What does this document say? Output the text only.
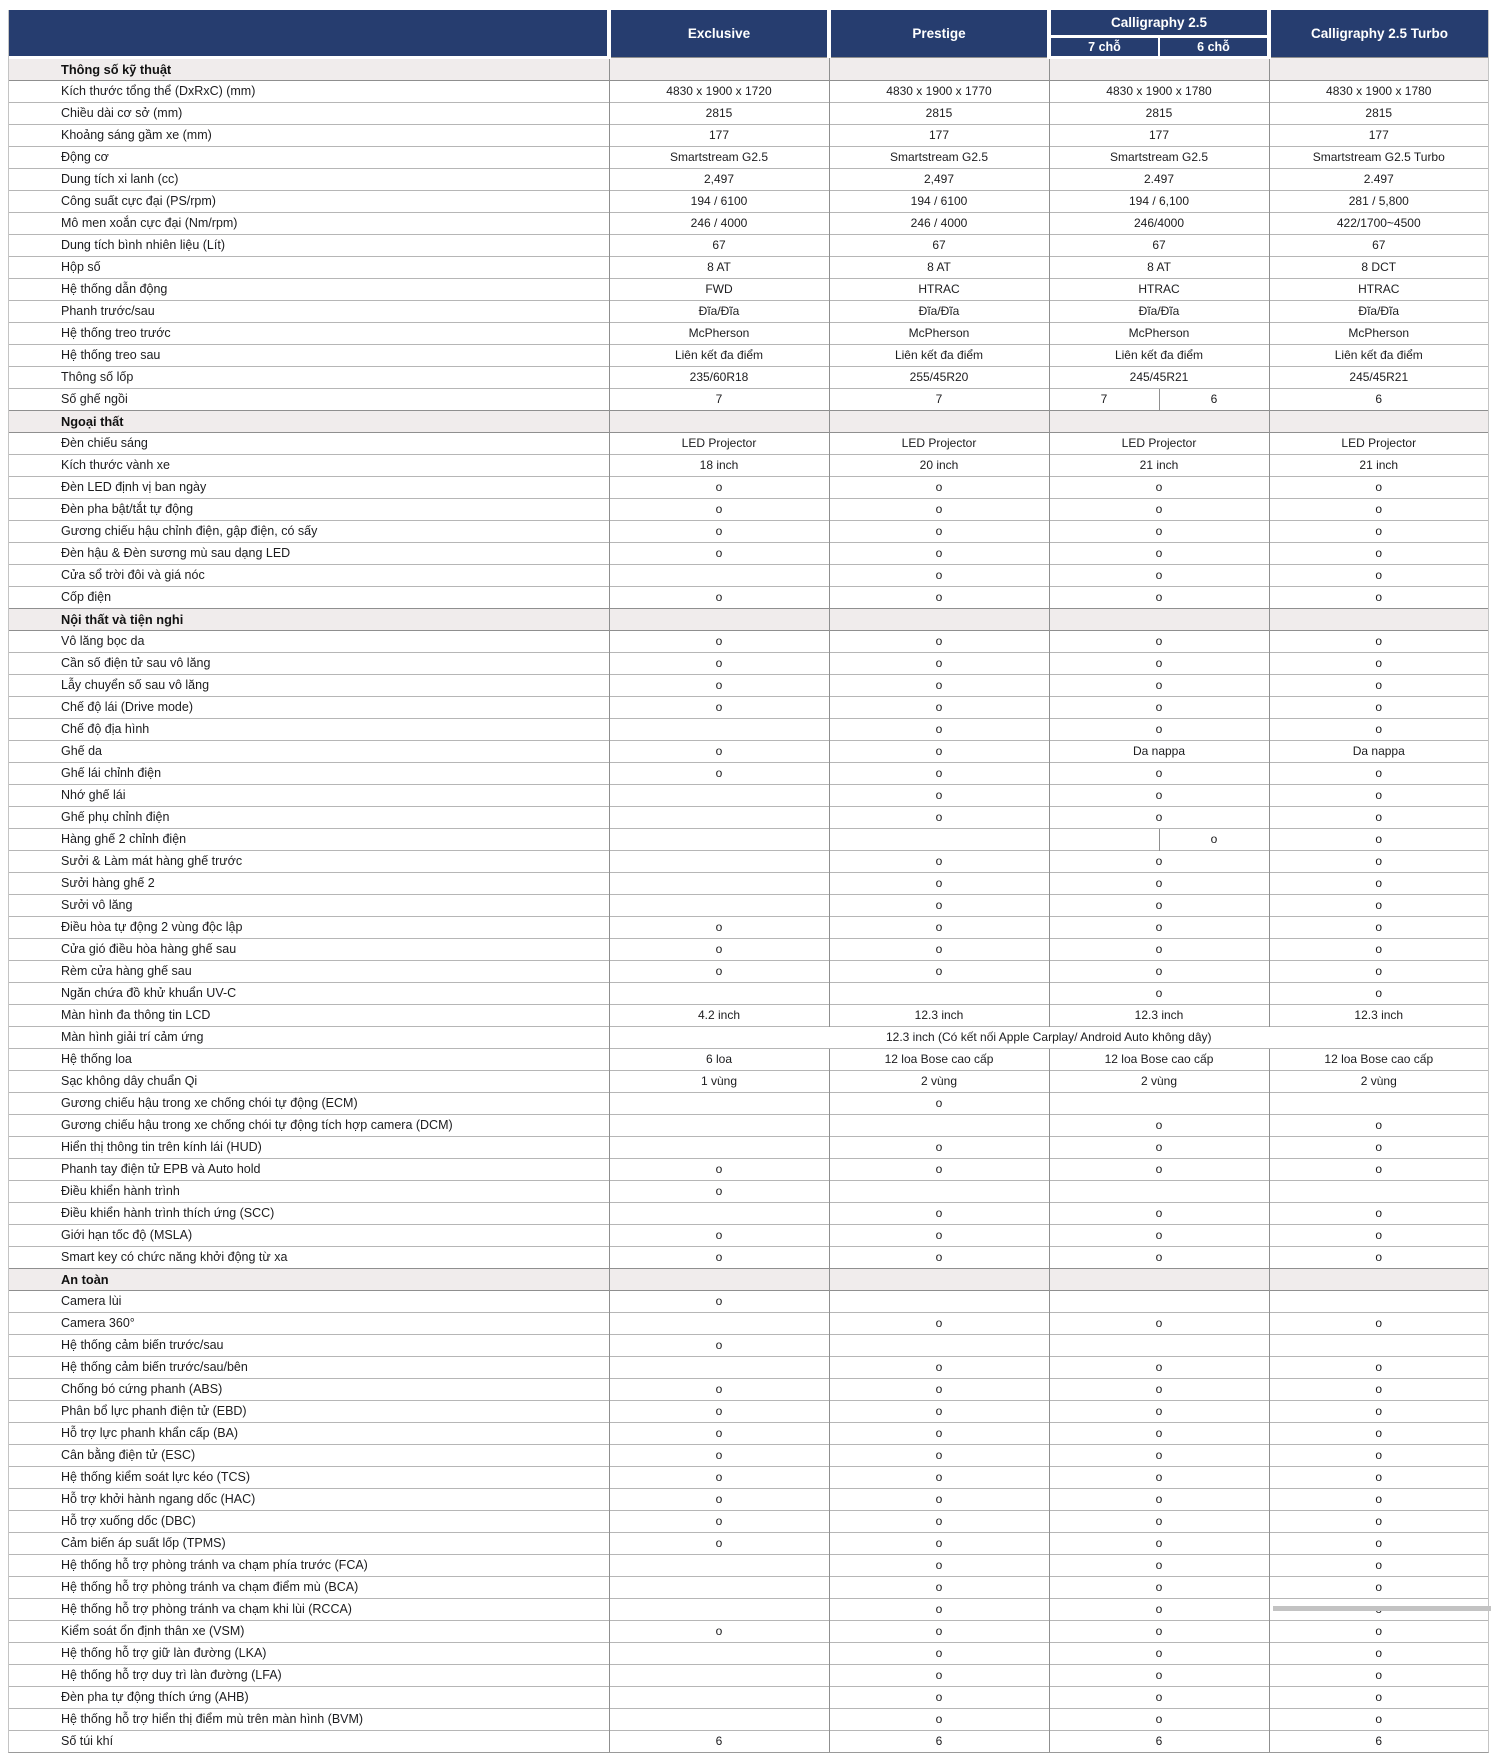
	Exclusive	Prestige	Calligraphy 2.5		Calligraphy 2.5 Turbo
			7 chỗ	6 chỗ	
Thông số kỹ thuật					
Kích thước tổng thể (DxRxC) (mm)	4830 x 1900 x 1720	4830 x 1900 x 1770	4830 x 1900 x 1780		4830 x 1900 x 1780
Chiều dài cơ sở (mm)	2815	2815	2815		2815
Khoảng sáng gầm xe (mm)	177	177	177		177
Động cơ	Smartstream G2.5	Smartstream G2.5	Smartstream G2.5		Smartstream G2.5 Turbo
Dung tích xi lanh (cc)	2,497	2,497	2.497		2.497
Công suất cực đại (PS/rpm)	194 / 6100	194 / 6100	194 / 6,100		281 / 5,800
Mô men xoắn cực đại (Nm/rpm)	246 / 4000	246 / 4000	246/4000		422/1700~4500
Dung tích bình nhiên liệu (Lít)	67	67	67		67
Hộp số	8 AT	8 AT	8 AT		8 DCT
Hệ thống dẫn động	FWD	HTRAC	HTRAC		HTRAC
Phanh trước/sau	Đĩa/Đĩa	Đĩa/Đĩa	Đĩa/Đĩa		Đĩa/Đĩa
Hệ thống treo trước	McPherson	McPherson	McPherson		McPherson
Hệ thống treo sau	Liên kết đa điểm	Liên kết đa điểm	Liên kết đa điểm		Liên kết đa điểm
Thông số lốp	235/60R18	255/45R20	245/45R21		245/45R21
Số ghế ngồi	7	7	7	6	6
Ngoại thất					
Đèn chiếu sáng	LED Projector	LED Projector	LED Projector		LED Projector
Kích thước vành xe	18 inch	20 inch	21 inch		21 inch
Đèn LED định vị ban ngày	o	o	o		o
Đèn pha bật/tắt tự động	o	o	o		o
Gương chiếu hậu chỉnh điện, gập điện, có sấy	o	o	o		o
Đèn hậu & Đèn sương mù sau dạng LED	o	o	o		o
Cửa sổ trời đôi và giá nóc		o	o		o
Cốp điện	o	o	o		o
Nội thất và tiện nghi					
Vô lăng bọc da	o	o	o		o
Cần số điện tử sau vô lăng	o	o	o		o
Lẫy chuyển số sau vô lăng	o	o	o		o
Chế độ lái (Drive mode)	o	o	o		o
Chế độ địa hình		o	o		o
Ghế da	o	o	Da nappa		Da nappa
Ghế lái chỉnh điện	o	o	o		o
Nhớ ghế lái		o	o		o
Ghế phụ chỉnh điện		o	o		o
Hàng ghế 2 chỉnh điện				o	o
Sưởi & Làm mát hàng ghế trước		o	o		o
Sưởi hàng ghế 2		o	o		o
Sưởi vô lăng		o	o		o
Điều hòa tự động 2 vùng độc lập	o	o	o		o
Cửa gió điều hòa hàng ghế sau	o	o	o		o
Rèm cửa hàng ghế sau	o	o	o		o
Ngăn chứa đồ khử khuẩn UV-C			o		o
Màn hình đa thông tin LCD	4.2 inch	12.3 inch	12.3 inch		12.3 inch
Màn hình giải trí cảm ứng	12.3 inch (Có kết nối Apple Carplay/ Android Auto không dây)				
Hệ thống loa	6 loa	12 loa Bose cao cấp	12 loa Bose cao cấp		12 loa Bose cao cấp
Sạc không dây chuẩn Qi	1 vùng	2 vùng	2 vùng		2 vùng
Gương chiếu hậu trong xe chống chói tự động (ECM)		o			
Gương chiếu hậu trong xe chống chói tự động tích hợp camera (DCM)			o		o
Hiển thị thông tin trên kính lái (HUD)		o	o		o
Phanh tay điện tử EPB và Auto hold	o	o	o		o
Điều khiển hành trình	o				
Điều khiển hành trình thích ứng (SCC)		o	o		o
Giới hạn tốc độ (MSLA)	o	o	o		o
Smart key có chức năng khởi động từ xa	o	o	o		o
An toàn					
Camera lùi	o				
Camera 360°		o	o		o
Hệ thống cảm biến trước/sau	o				
Hệ thống cảm biến trước/sau/bên		o	o		o
Chống bó cứng phanh (ABS)	o	o	o		o
Phân bổ lực phanh điện tử (EBD)	o	o	o		o
Hỗ trợ lực phanh khẩn cấp (BA)	o	o	o		o
Cân bằng điện tử (ESC)	o	o	o		o
Hệ thống kiểm soát lực kéo (TCS)	o	o	o		o
Hỗ trợ khởi hành ngang dốc (HAC)	o	o	o		o
Hỗ trợ xuống dốc (DBC)	o	o	o		o
Cảm biến áp suất lốp (TPMS)	o	o	o		o
Hệ thống hỗ trợ phòng tránh va chạm phía trước (FCA)		o	o		o
Hệ thống hỗ trợ phòng tránh va chạm điểm mù (BCA)		o	o		o
Hệ thống hỗ trợ phòng tránh va chạm khi lùi (RCCA)		o	o	
Kiểm soát ổn định thân xe (VSM)	o	o	o		o
Hệ thống hỗ trợ giữ làn đường (LKA)		o	o		o
Hệ thống hỗ trợ duy trì làn đường (LFA)		o	o		o
Đèn pha tự động thích ứng (AHB)		o	o		o
Hệ thống hỗ trợ hiển thị điểm mù trên màn hình (BVM)		o	o		o
Số túi khí	6	6	6		6
